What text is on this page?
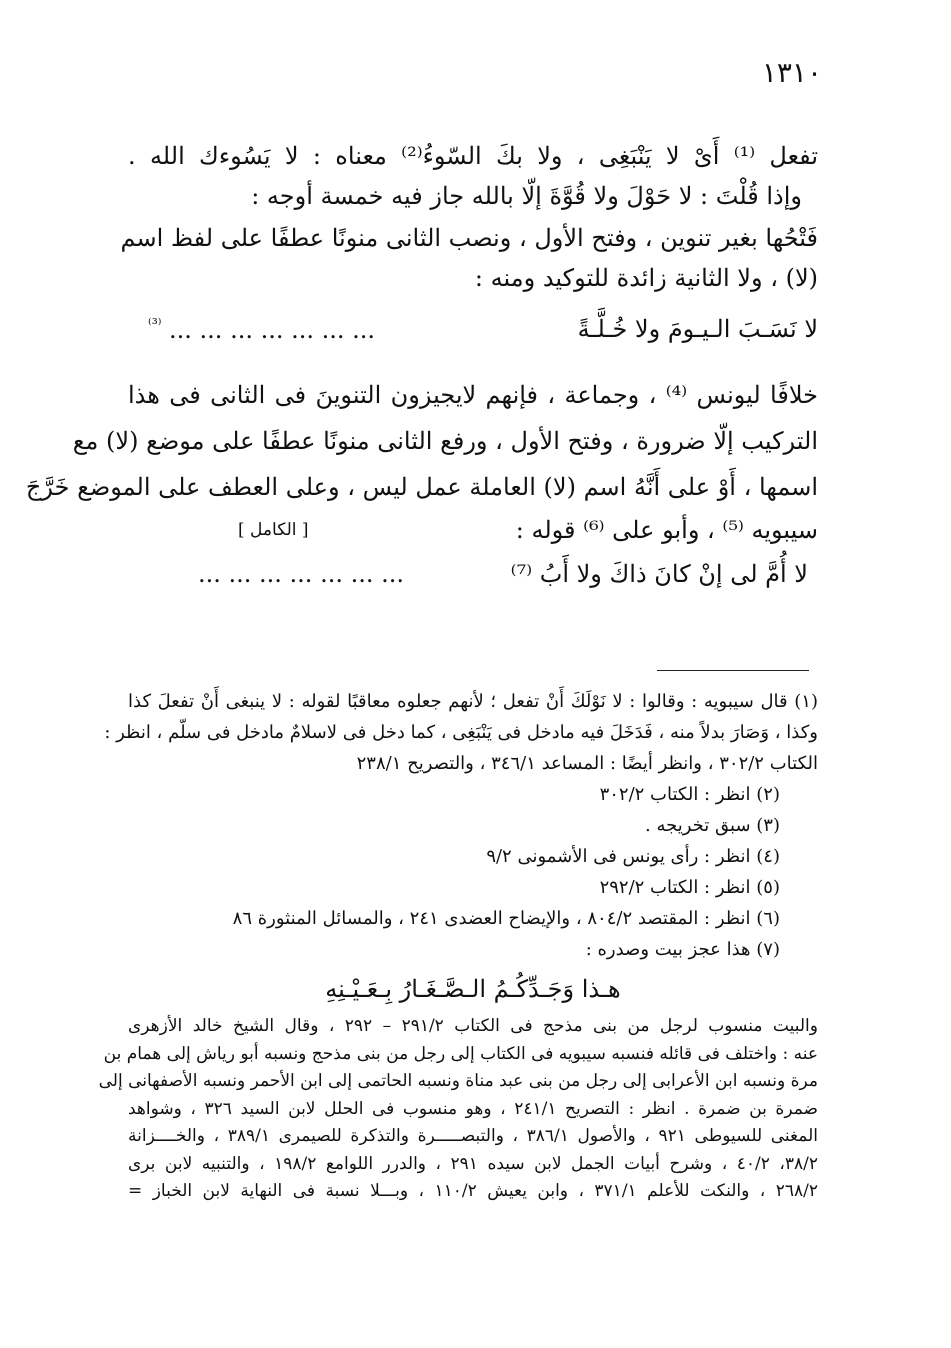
١٣١٠
تفعل ⁽¹⁾ أَىْ لا يَنْبَغِى ، ولا بكَ السّوءُ⁽²⁾ معناه : لا يَسُوءك الله .
وإذا قُلْتَ : لا حَوْلَ ولا قُوَّةَ إلّا بالله جاز فيه خمسة أوجه :
فَتْحُها بغير تنوين ، وفتح الأول ، ونصب الثانى منونًا عطفًا على لفظ اسم
(لا) ، ولا الثانية زائدة للتوكيد ومنه :
لا نَسَـبَ الـيـومَ ولا خُـلَّـةً
... ... ... ... ... ... ... $^{^{(3)}}$
خلافًا ليونس ⁽⁴⁾ ، وجماعة ، فإنهم لايجيزون التنوينَ فى الثانى فى هذا
التركيب إلّا ضرورة ، وفتح الأول ، ورفع الثانى منونًا عطفًا على موضع (لا) مع
اسمها ، أَوْ على أَنَّهُ اسم (لا) العاملة عمل ليس ، وعلى العطف على الموضع خَرَّجَ
سيبويه ⁽⁵⁾ ، وأبو على ⁽⁶⁾ قوله :
[ الكامل ]
لا أُمَّ لى إنْ كانَ ذاكَ ولا أَبُ ⁽⁷⁾
... ... ... ... ... ... ...
(١) قال سيبويه : وقالوا : لا نَوْلَكَ أَنْ تفعل ؛ لأنهم جعلوه معاقبًا لقوله : لا ينبغى أَنْ تفعلَ كذا
وكذا ، وَصَارَ بدلاً منه ، فَدَخَلَ فيه مادخل فى يَنْبَغِى ، كما دخل فى لاسلامٌ مادخل فى سلّم ، انظر :
الكتاب ٣٠٢/٢ ، وانظر أيضًا : المساعد ٣٤٦/١ ، والتصريح ٢٣٨/١
(٢) انظر : الكتاب ٣٠٢/٢
(٣) سبق تخريجه .
(٤) انظر : رأى يونس فى الأشمونى ٩/٢
(٥) انظر : الكتاب ٢٩٢/٢
(٦) انظر : المقتصد ٨٠٤/٢ ، والإيضاح العضدى ٢٤١ ، والمسائل المنثورة ٨٦
(٧) هذا عجز بيت وصدره :
هـذا وَجَـدِّكُـمُ الـصَّـغَـارُ بِـعَـيْـنِهِ
والبيت منسوب لرجل من بنى مذحج فى الكتاب ٢٩١/٢ – ٢٩٢ ، وقال الشيخ خالد الأزهرى
عنه : واختلف فى قائله فنسبه سيبويه فى الكتاب إلى رجل من بنى مذحج ونسبه أبو رياش إلى همام بن
مرة ونسبه ابن الأعرابى إلى رجل من بنى عبد مناة ونسبه الحاتمى إلى ابن الأحمر ونسبه الأصفهانى إلى
ضمرة بن ضمرة . انظر : التصريح ٢٤١/١ ، وهو منسوب فى الحلل لابن السيد ٣٢٦ ، وشواهد
المغنى للسيوطى ٩٢١ ، والأصول ٣٨٦/١ ، والتبصـــــرة والتذكرة للصيمرى ٣٨٩/١ ، والخــــزانة
٣٨/٢، ٤٠/٢ ، وشرح أبيات الجمل لابن سيده ٢٩١ ، والدرر اللوامع ١٩٨/٢ ، والتنبيه لابن برى
٢٦٨/٢ ، والنكت للأعلم ٣٧١/١ ، وابن يعيش ١١٠/٢ ، وبـــلا نسبة فى النهاية لابن الخباز =
